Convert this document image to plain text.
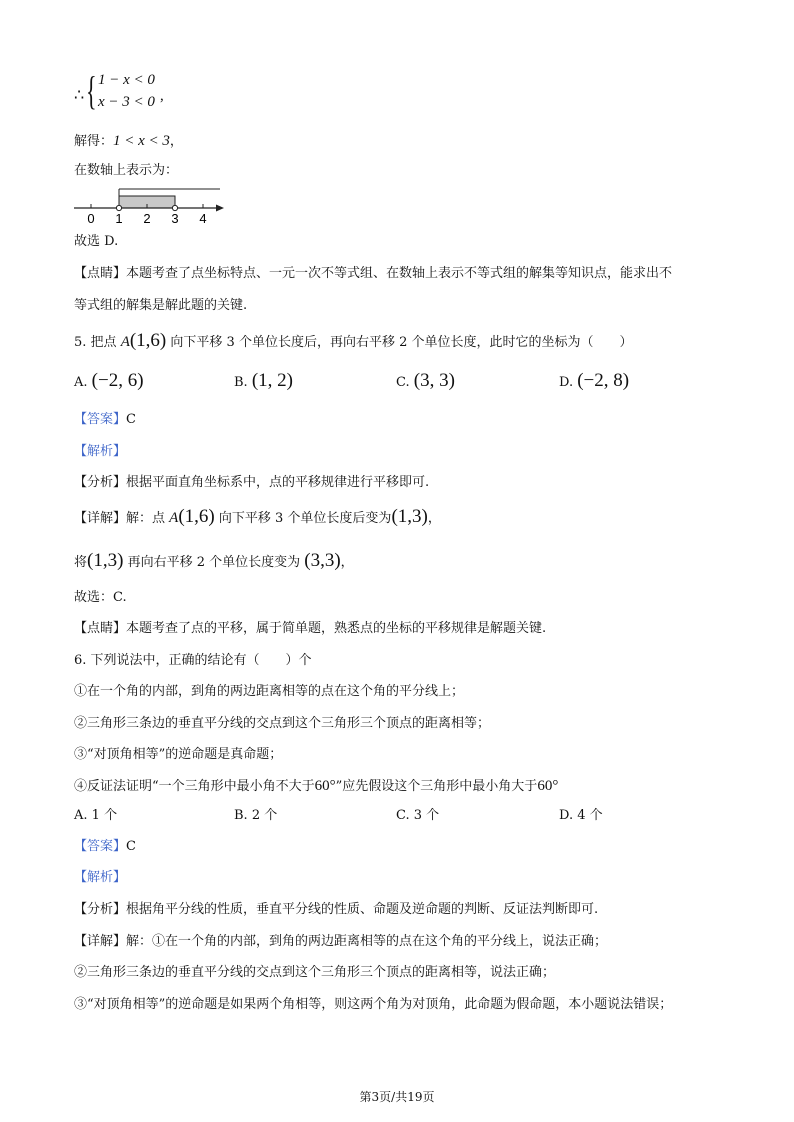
∴ { 1 − x < 0
x − 3 < 0 ,
解得：1 < x < 3，
在数轴上表示为：
0 1 2 3 4
故选 D.
【点睛】本题考查了点坐标特点、一元一次不等式组、在数轴上表示不等式组的解集等知识点，能求出不
等式组的解集是解此题的关键.
5. 把点 A(1,6) 向下平移 3 个单位长度后，再向右平移 2 个单位长度，此时它的坐标为（　　）
A. (−2, 6)	B. (1, 2)	C. (3, 3)	D. (−2, 8)
【答案】C
【解析】
【分析】根据平面直角坐标系中，点的平移规律进行平移即可.
【详解】解：点 A(1,6) 向下平移 3 个单位长度后变为(1,3)，
将(1,3) 再向右平移 2 个单位长度变为 (3,3)，
故选：C.
【点睛】本题考查了点的平移，属于简单题，熟悉点的坐标的平移规律是解题关键.
6. 下列说法中，正确的结论有（　　）个
①在一个角的内部，到角的两边距离相等的点在这个角的平分线上；
②三角形三条边的垂直平分线的交点到这个三角形三个顶点的距离相等；
③“对顶角相等”的逆命题是真命题；
④反证法证明“一个三角形中最小角不大于60°”应先假设这个三角形中最小角大于60°
A. 1 个	B. 2 个	C. 3 个	D. 4 个
【答案】C
【解析】
【分析】根据角平分线的性质，垂直平分线的性质、命题及逆命题的判断、反证法判断即可.
【详解】解：①在一个角的内部，到角的两边距离相等的点在这个角的平分线上，说法正确；
②三角形三条边的垂直平分线的交点到这个三角形三个顶点的距离相等，说法正确；
③“对顶角相等”的逆命题是如果两个角相等，则这两个角为对顶角，此命题为假命题，本小题说法错误；
第3页/共19页
